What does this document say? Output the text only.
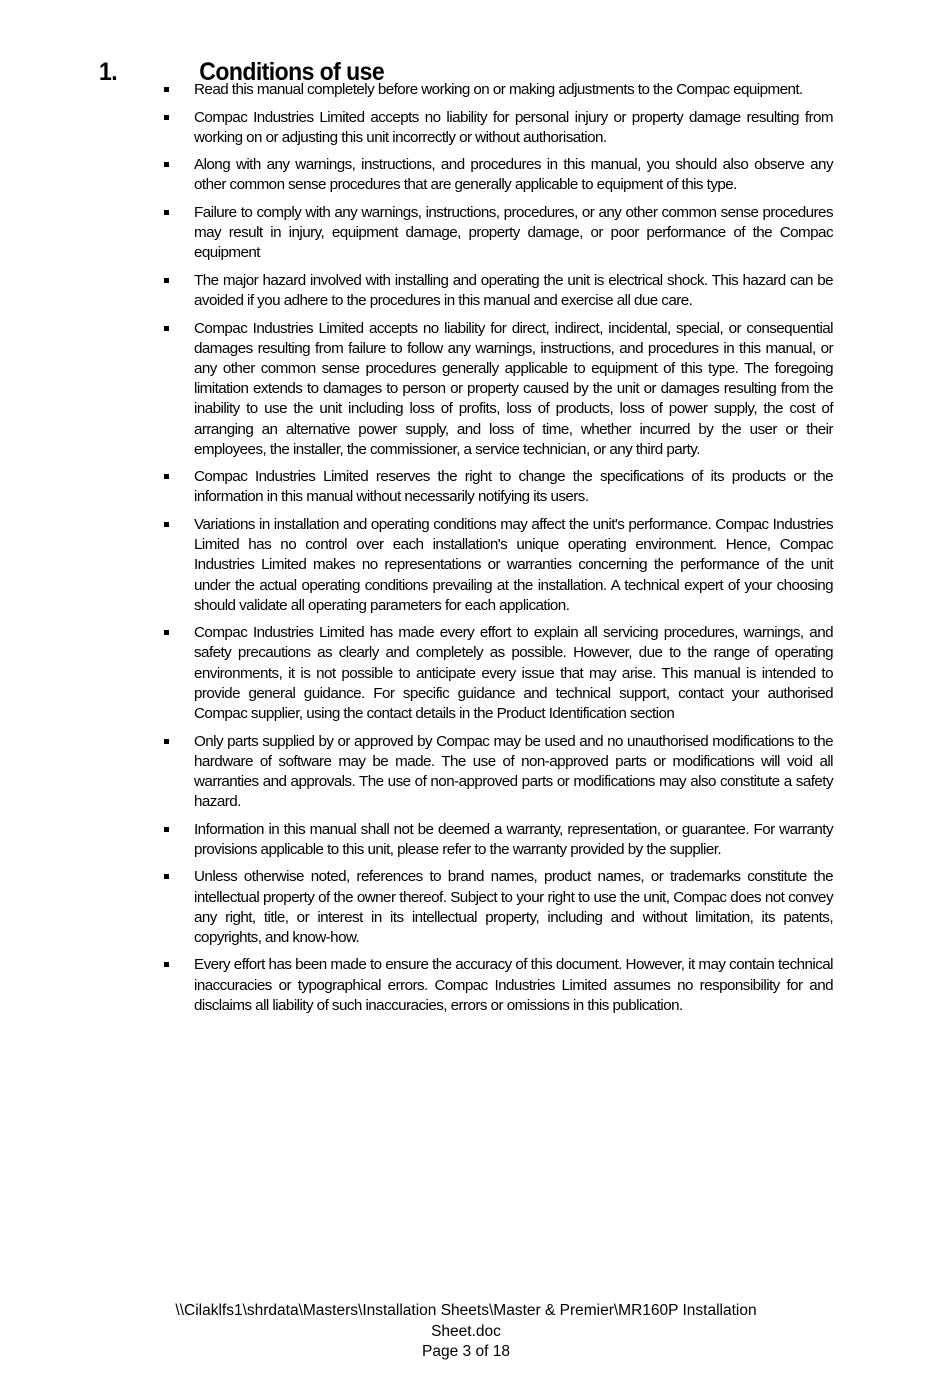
1.	Conditions of use
Read this manual completely before working on or making adjustments to the Compac equipment.
Compac Industries Limited accepts no liability for personal injury or property damage resulting from working on or adjusting this unit incorrectly or without authorisation.
Along with any warnings, instructions, and procedures in this manual, you should also observe any other common sense procedures that are generally applicable to equipment of this type.
Failure to comply with any warnings, instructions, procedures, or any other common sense procedures may result in injury, equipment damage, property damage, or poor performance of the Compac equipment
The major hazard involved with installing and operating the unit is electrical shock. This hazard can be avoided if you adhere to the procedures in this manual and exercise all due care.
Compac Industries Limited accepts no liability for direct, indirect, incidental, special, or consequential damages resulting from failure to follow any warnings, instructions, and procedures in this manual, or any other common sense procedures generally applicable to equipment of this type. The foregoing limitation extends to damages to person or property caused by the unit or damages resulting from the inability to use the unit including loss of profits, loss of products, loss of power supply, the cost of arranging an alternative power supply, and loss of time, whether incurred by the user or their employees, the installer, the commissioner, a service technician, or any third party.
Compac Industries Limited reserves the right to change the specifications of its products or the information in this manual without necessarily notifying its users.
Variations in installation and operating conditions may affect the unit's performance. Compac Industries Limited has no control over each installation's unique operating environment. Hence, Compac Industries Limited makes no representations or warranties concerning the performance of the unit under the actual operating conditions prevailing at the installation. A technical expert of your choosing should validate all operating parameters for each application.
Compac Industries Limited has made every effort to explain all servicing procedures, warnings, and safety precautions as clearly and completely as possible. However, due to the range of operating environments, it is not possible to anticipate every issue that may arise. This manual is intended to provide general guidance. For specific guidance and technical support, contact your authorised Compac supplier, using the contact details in the Product Identification section
Only parts supplied by or approved by Compac may be used and no unauthorised modifications to the hardware of software may be made. The use of non-approved parts or modifications will void all warranties and approvals. The use of non-approved parts or modifications may also constitute a safety hazard.
Information in this manual shall not be deemed a warranty, representation, or guarantee. For warranty provisions applicable to this unit, please refer to the warranty provided by the supplier.
Unless otherwise noted, references to brand names, product names, or trademarks constitute the intellectual property of the owner thereof. Subject to your right to use the unit, Compac does not convey any right, title, or interest in its intellectual property, including and without limitation, its patents, copyrights, and know-how.
Every effort has been made to ensure the accuracy of this document. However, it may contain technical inaccuracies or typographical errors. Compac Industries Limited assumes no responsibility for and disclaims all liability of such inaccuracies, errors or omissions in this publication.
\\Cilaklfs1\shrdata\Masters\Installation Sheets\Master & Premier\MR160P Installation
Sheet.doc
Page 3 of 18
